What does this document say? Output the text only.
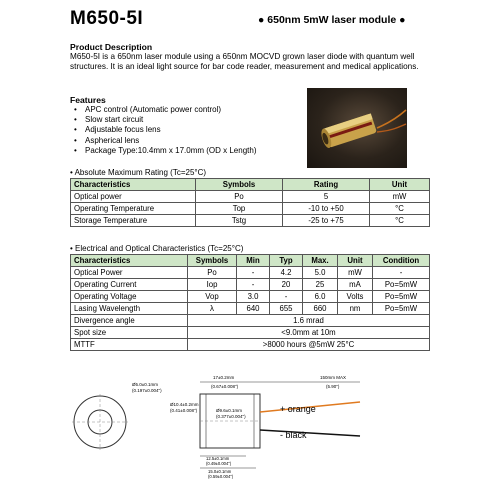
M650-5I	● 650nm 5mW laser module ●
Product Description
M650-5I is a 650nm laser module using a 650nm MOCVD grown laser diode with quantum well structures. It is an ideal light source for bar code reader, measurement and medical applications.
Features
• APC control (Automatic power control)
• Slow start circuit
• Adjustable focus lens
• Aspherical lens
• Package Type:10.4mm x 17.0mm (OD x Length)
• Absolute Maximum Rating (Tc=25°C)
Characteristics	Symbols	Rating	Unit
Optical power	Po	5	mW
Operating Temperature	Top	-10 to +50	°C
Storage Temperature	Tstg	-25 to +75	°C
• Electrical and Optical Characteristics (Tc=25°C)
Characteristics	Symbols	Min	Typ	Max.	Unit	Condition
Optical Power	Po	-	4.2	5.0	mW	-
Operating Current	Iop	-	20	25	mA	Po=5mW
Operating Voltage	Vop	3.0	-	6.0	Volts	Po=5mW
Lasing Wavelength	λ	640	655	660	nm	Po=5mW
Divergence angle	1.6 mrad					
Spot size	<9.0mm at 10m					
MTTF	>8000 hours @5mW 25°C					
Ø5.0±0.1mm
(0.197±0.004")
17±0.2mm
(0.67±0.008")
Ø10.4±0.2mm
(0.41±0.008")	Ø9.6±0.1mm
(0.377±0.004")
+ orange
- black
150mm MAX
(5.90")
12.5±0.1mm
(0.49±0.004")
15.0±0.1mm
(0.59±0.004")
